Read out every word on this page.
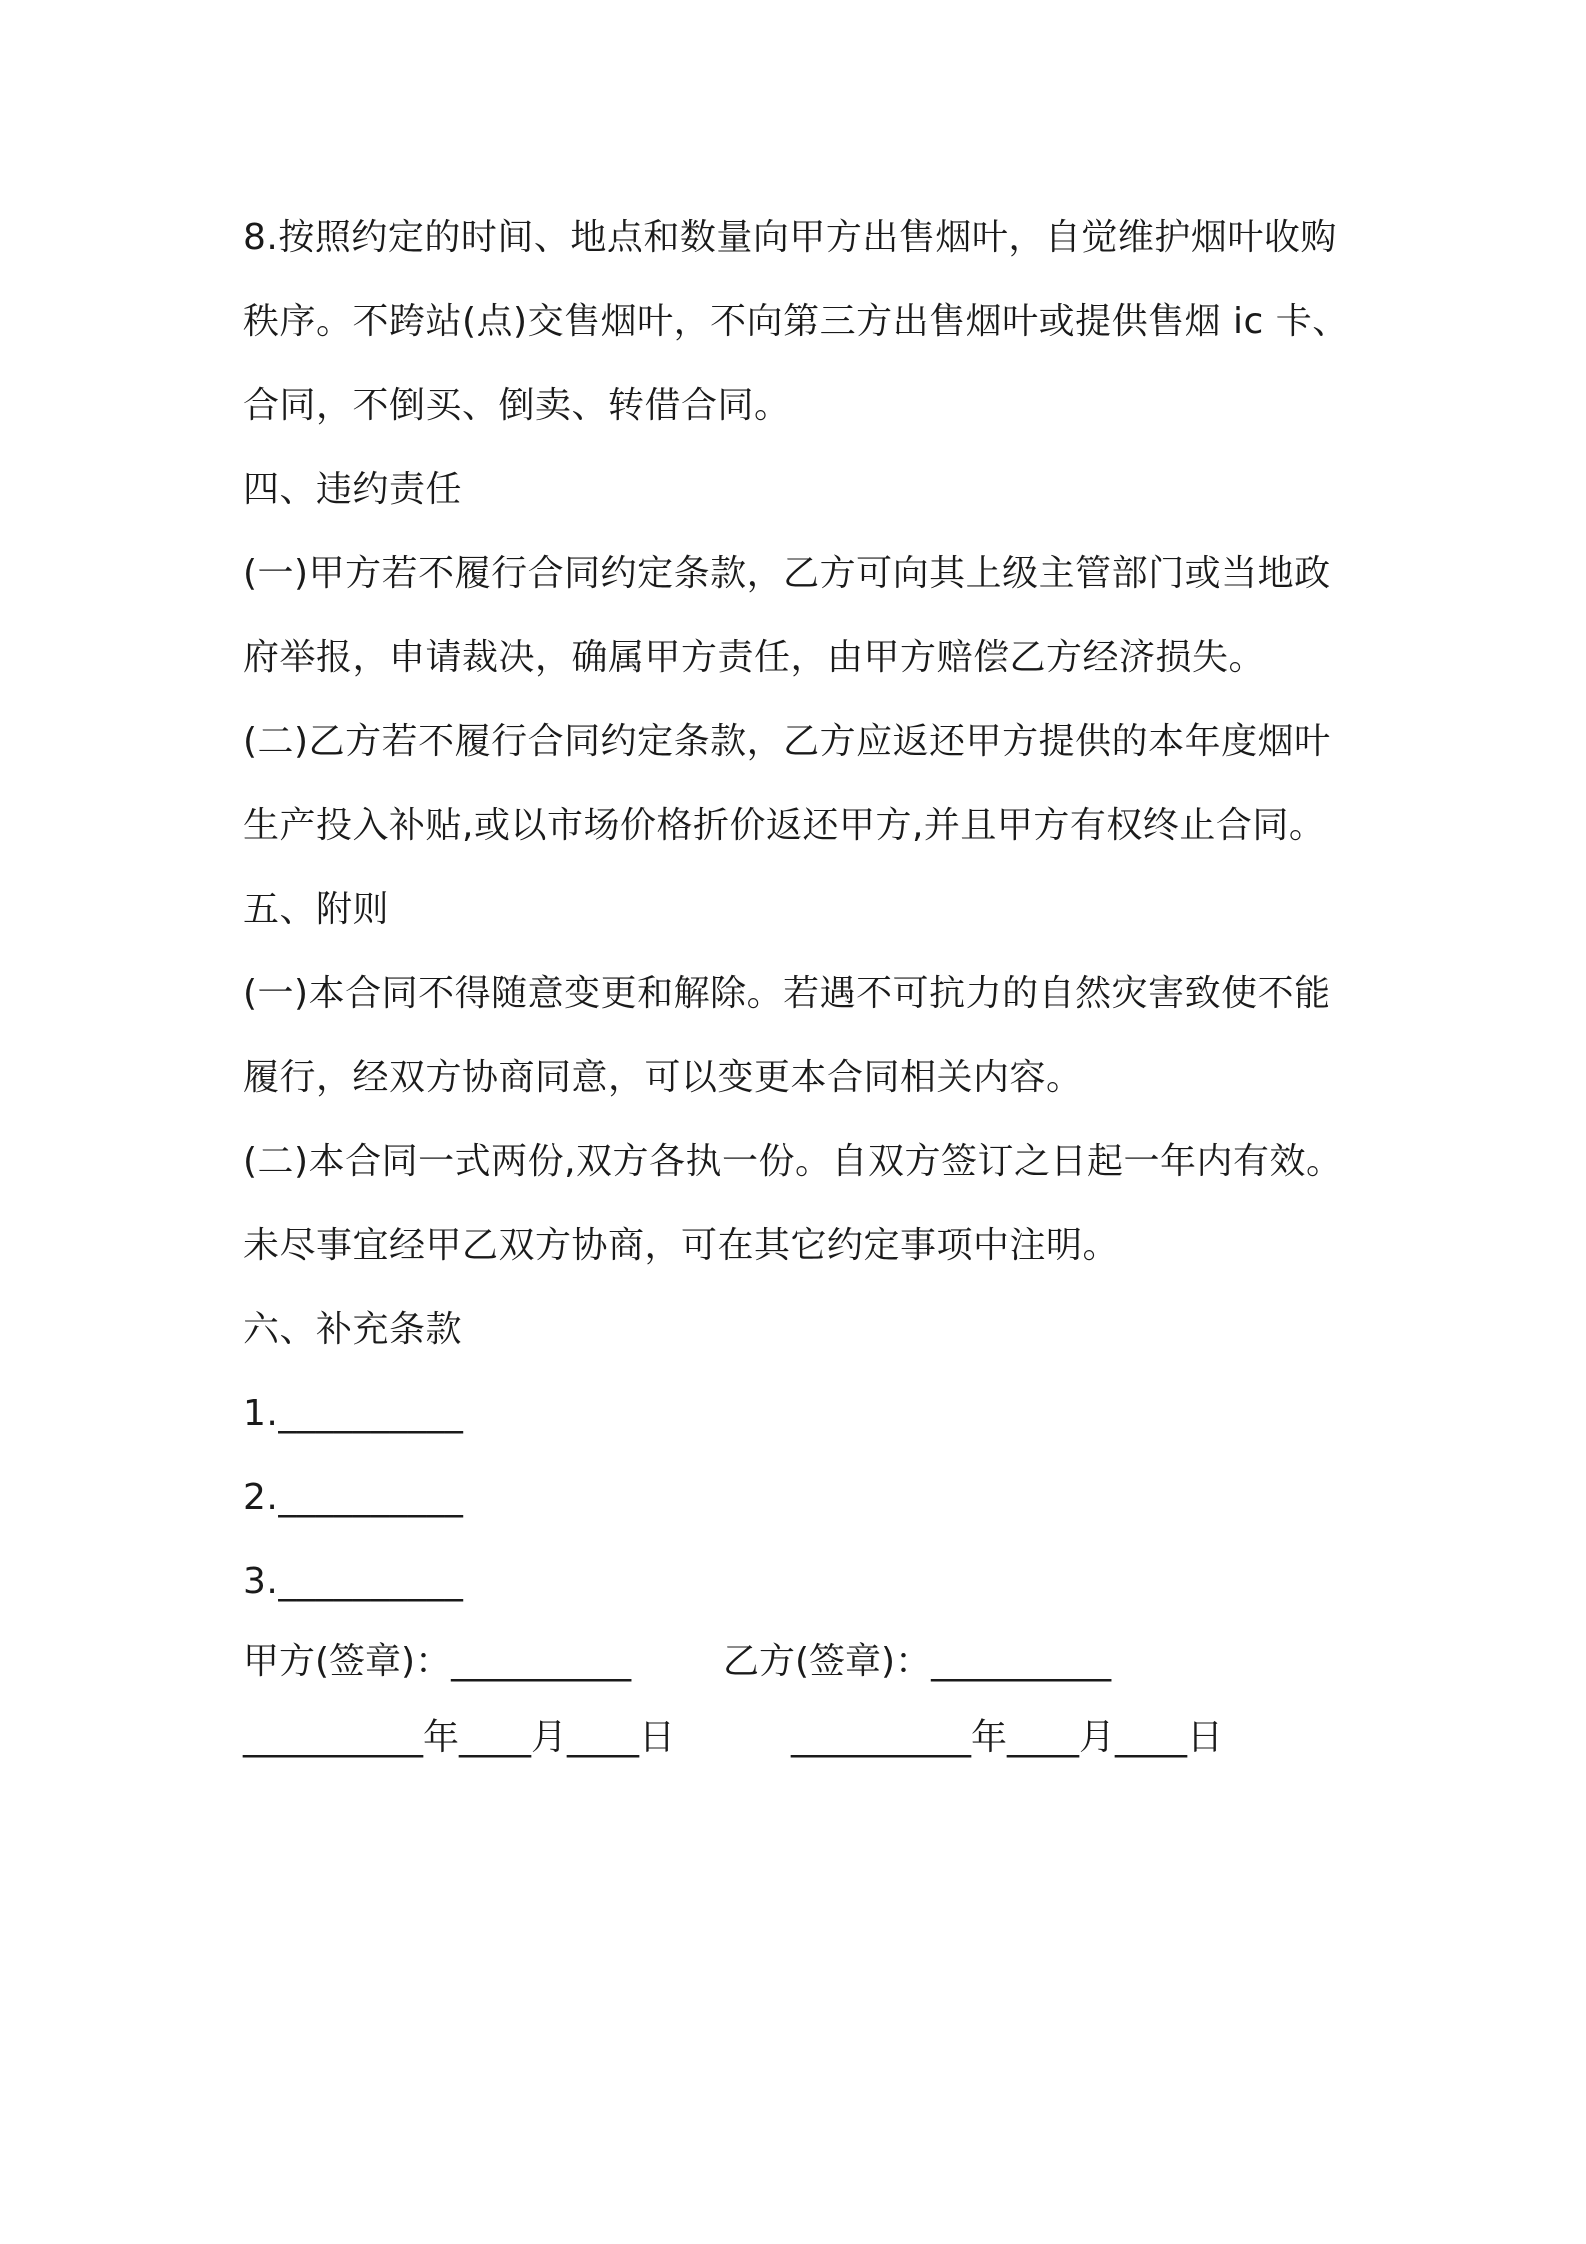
8.按照约定的时间、地点和数量向甲方出售烟叶，自觉维护烟叶收购
秩序。不跨站(点)交售烟叶，不向第三方出售烟叶或提供售烟 ic 卡、
合同，不倒买、倒卖、转借合同。
四、违约责任
(一)甲方若不履行合同约定条款，乙方可向其上级主管部门或当地政
府举报，申请裁决，确属甲方责任，由甲方赔偿乙方经济损失。
(二)乙方若不履行合同约定条款，乙方应返还甲方提供的本年度烟叶
生产投入补贴,或以市场价格折价返还甲方,并且甲方有权终止合同。
五、附则
(一)本合同不得随意变更和解除。若遇不可抗力的自然灾害致使不能
履行，经双方协商同意，可以变更本合同相关内容。
(二)本合同一式两份,双方各执一份。自双方签订之日起一年内有效。
未尽事宜经甲乙双方协商，可在其它约定事项中注明。
六、补充条款
1.__________
2.__________
3.__________
甲方(签章)：__________	乙方(签章)：__________
__________年____月____日	__________年____月____日
